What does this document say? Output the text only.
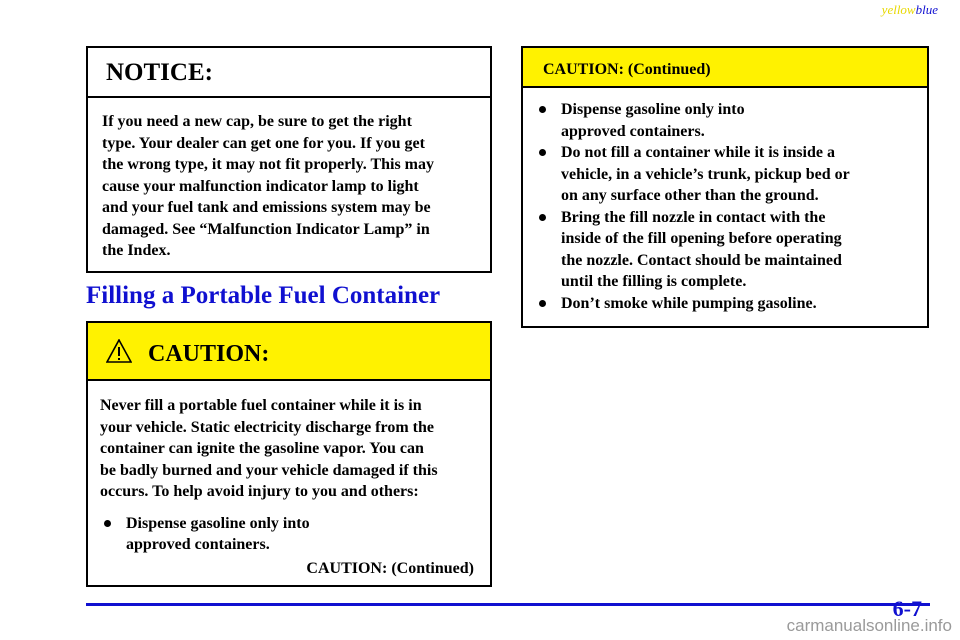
yellowblue
NOTICE:
If you need a new cap, be sure to get the right
type. Your dealer can get one for you. If you get
the wrong type, it may not fit properly. This may
cause your malfunction indicator lamp to light
and your fuel tank and emissions system may be
damaged. See “Malfunction Indicator Lamp” in
the Index.
Filling a Portable Fuel Container
CAUTION:
Never fill a portable fuel container while it is in
your vehicle. Static electricity discharge from the
container can ignite the gasoline vapor. You can
be badly burned and your vehicle damaged if this
occurs. To help avoid injury to you and others:
Dispense gasoline only into
approved containers.
CAUTION: (Continued)
CAUTION: (Continued)
Dispense gasoline only into
approved containers.
Do not fill a container while it is inside a
vehicle, in a vehicle’s trunk, pickup bed or
on any surface other than the ground.
Bring the fill nozzle in contact with the
inside of the fill opening before operating
the nozzle. Contact should be maintained
until the filling is complete.
Don’t smoke while pumping gasoline.
6-7
carmanualsonline.info
